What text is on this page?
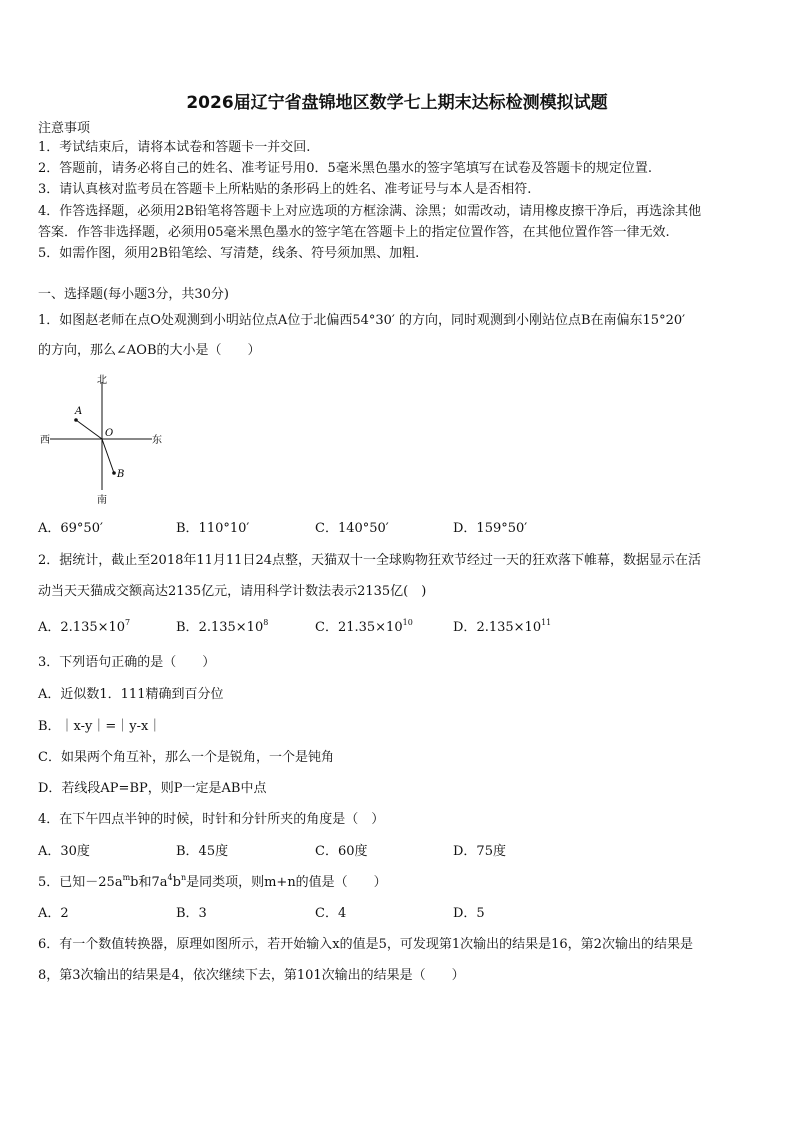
2026届辽宁省盘锦地区数学七上期末达标检测模拟试题
注意事项
1．考试结束后，请将本试卷和答题卡一并交回.
2．答题前，请务必将自己的姓名、准考证号用0．5毫米黑色墨水的签字笔填写在试卷及答题卡的规定位置.
3．请认真核对监考员在答题卡上所粘贴的条形码上的姓名、准考证号与本人是否相符.
4．作答选择题，必须用2B铅笔将答题卡上对应选项的方框涂满、涂黑；如需改动，请用橡皮擦干净后，再选涂其他
答案．作答非选择题，必须用05毫米黑色墨水的签字笔在答题卡上的指定位置作答，在其他位置作答一律无效.
5．如需作图，须用2B铅笔绘、写清楚，线条、符号须加黑、加粗.
一、选择题(每小题3分，共30分)
1．如图赵老师在点O处观测到小明站位点A位于北偏西54°30′ 的方向，同时观测到小刚站位点B在南偏东15°20′
的方向，那么∠AOB的大小是（　　）
北
南
西	东
O
A
B
A．69°50′	B．110°10′	C．140°50′	D．159°50′
2．据统计，截止至2018年11月11日24点整，天猫双十一全球购物狂欢节经过一天的狂欢落下帷幕，数据显示在活
动当天天猫成交额高达2135亿元，请用科学计数法表示2135亿(　)
A．$2.135\times 10^7$	B．$2.135\times 10^8$	C．$21.35\times 10^{10}$	D．$2.135\times 10^{11}$
3．下列语句正确的是（　　）
A．近似数1．111精确到百分位
B．｜x-y｜=｜y-x｜
C．如果两个角互补，那么一个是锐角，一个是钝角
D．若线段AP=BP，则P一定是AB中点
4．在下午四点半钟的时候，时针和分针所夹的角度是（　）
A．30度	B．45度	C．60度	D．75度
5．已知$-25a^mb$和$7a^4b^n$是同类项，则m+n的值是（　　）
A．2	B．3	C．4	D．5
6．有一个数值转换器，原理如图所示，若开始输入x的值是5，可发现第1次输出的结果是16，第2次输出的结果是
8，第3次输出的结果是4，依次继续下去，第101次输出的结果是（　　）
